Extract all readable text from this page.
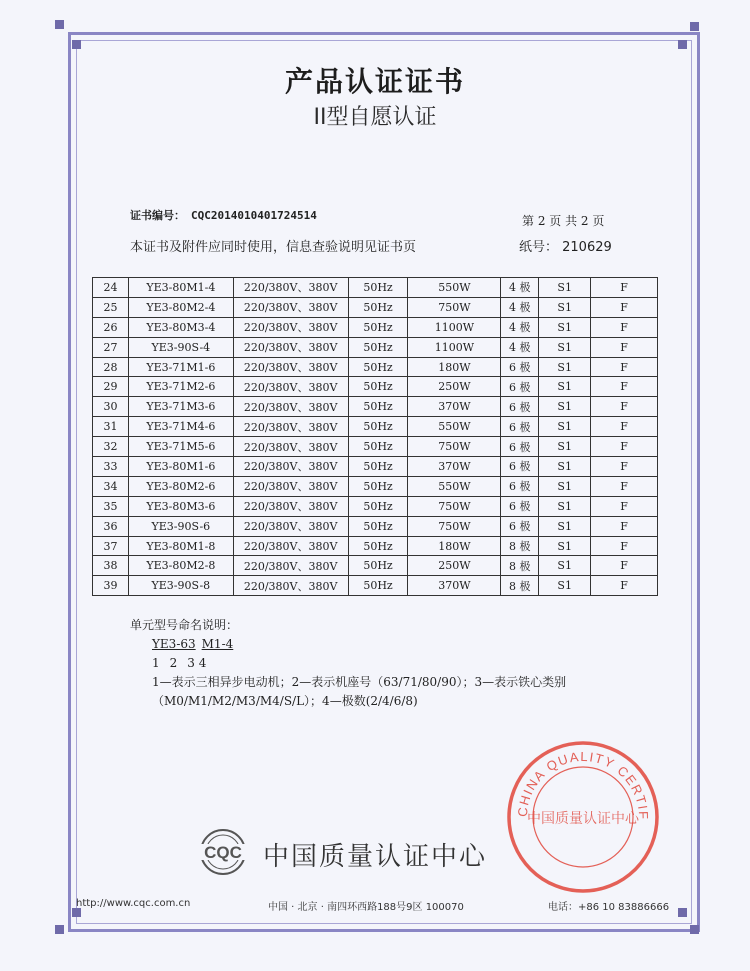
产品认证证书
II型自愿认证
证书编号： CQC2014010401724514	第 2 页 共 2 页
本证书及附件应同时使用，信息查验说明见证书页	纸号： 210629
24	YE3-80M1-4	220/380V、380V	50Hz	550W	4 极	S1	F
25	YE3-80M2-4	220/380V、380V	50Hz	750W	4 极	S1	F
26	YE3-80M3-4	220/380V、380V	50Hz	1100W	4 极	S1	F
27	YE3-90S-4	220/380V、380V	50Hz	1100W	4 极	S1	F
28	YE3-71M1-6	220/380V、380V	50Hz	180W	6 极	S1	F
29	YE3-71M2-6	220/380V、380V	50Hz	250W	6 极	S1	F
30	YE3-71M3-6	220/380V、380V	50Hz	370W	6 极	S1	F
31	YE3-71M4-6	220/380V、380V	50Hz	550W	6 极	S1	F
32	YE3-71M5-6	220/380V、380V	50Hz	750W	6 极	S1	F
33	YE3-80M1-6	220/380V、380V	50Hz	370W	6 极	S1	F
34	YE3-80M2-6	220/380V、380V	50Hz	550W	6 极	S1	F
35	YE3-80M3-6	220/380V、380V	50Hz	750W	6 极	S1	F
36	YE3-90S-6	220/380V、380V	50Hz	750W	6 极	S1	F
37	YE3-80M1-8	220/380V、380V	50Hz	180W	8 极	S1	F
38	YE3-80M2-8	220/380V、380V	50Hz	250W	8 极	S1	F
39	YE3-90S-8	220/380V、380V	50Hz	370W	8 极	S1	F
单元型号命名说明：
YE3-63 M1-4
1 2 3 4
1—表示三相异步电动机；2—表示机座号（63/71/80/90）；3—表示铁心类别
（M0/M1/M2/M3/M4/S/L）；4—极数(2/4/6/8)
CQC 中国质量认证中心
CHINA QUALITY CERTIF
中国质量认证中心
http://www.cqc.com.cn	中国 · 北京 · 南四环西路188号9区 100070	电话：+86 10 83886666
